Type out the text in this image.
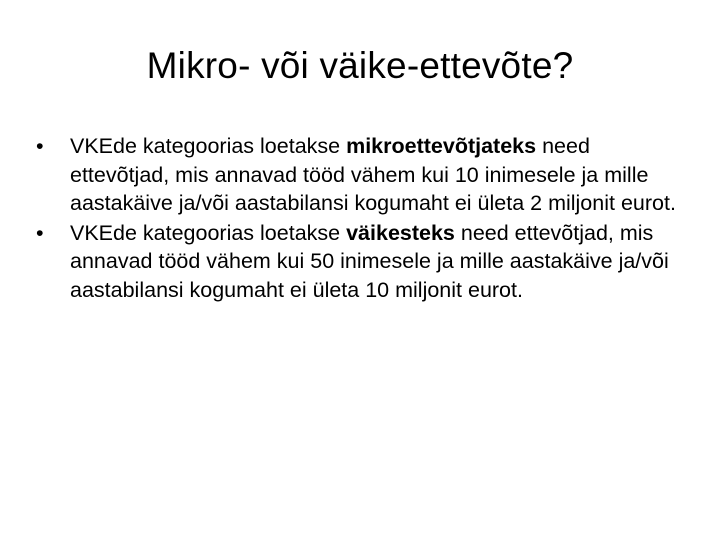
Mikro- või väike-ettevõte?
•	VKEde kategoorias loetakse mikroettevõtjateks need ettevõtjad, mis annavad tööd vähem kui 10 inimesele ja mille aastakäive ja/või aastabilansi kogumaht ei ületa 2 miljonit eurot.
•	VKEde kategoorias loetakse väikesteks need ettevõtjad, mis annavad tööd vähem kui 50 inimesele ja mille aastakäive ja/või aastabilansi kogumaht ei ületa 10 miljonit eurot.
